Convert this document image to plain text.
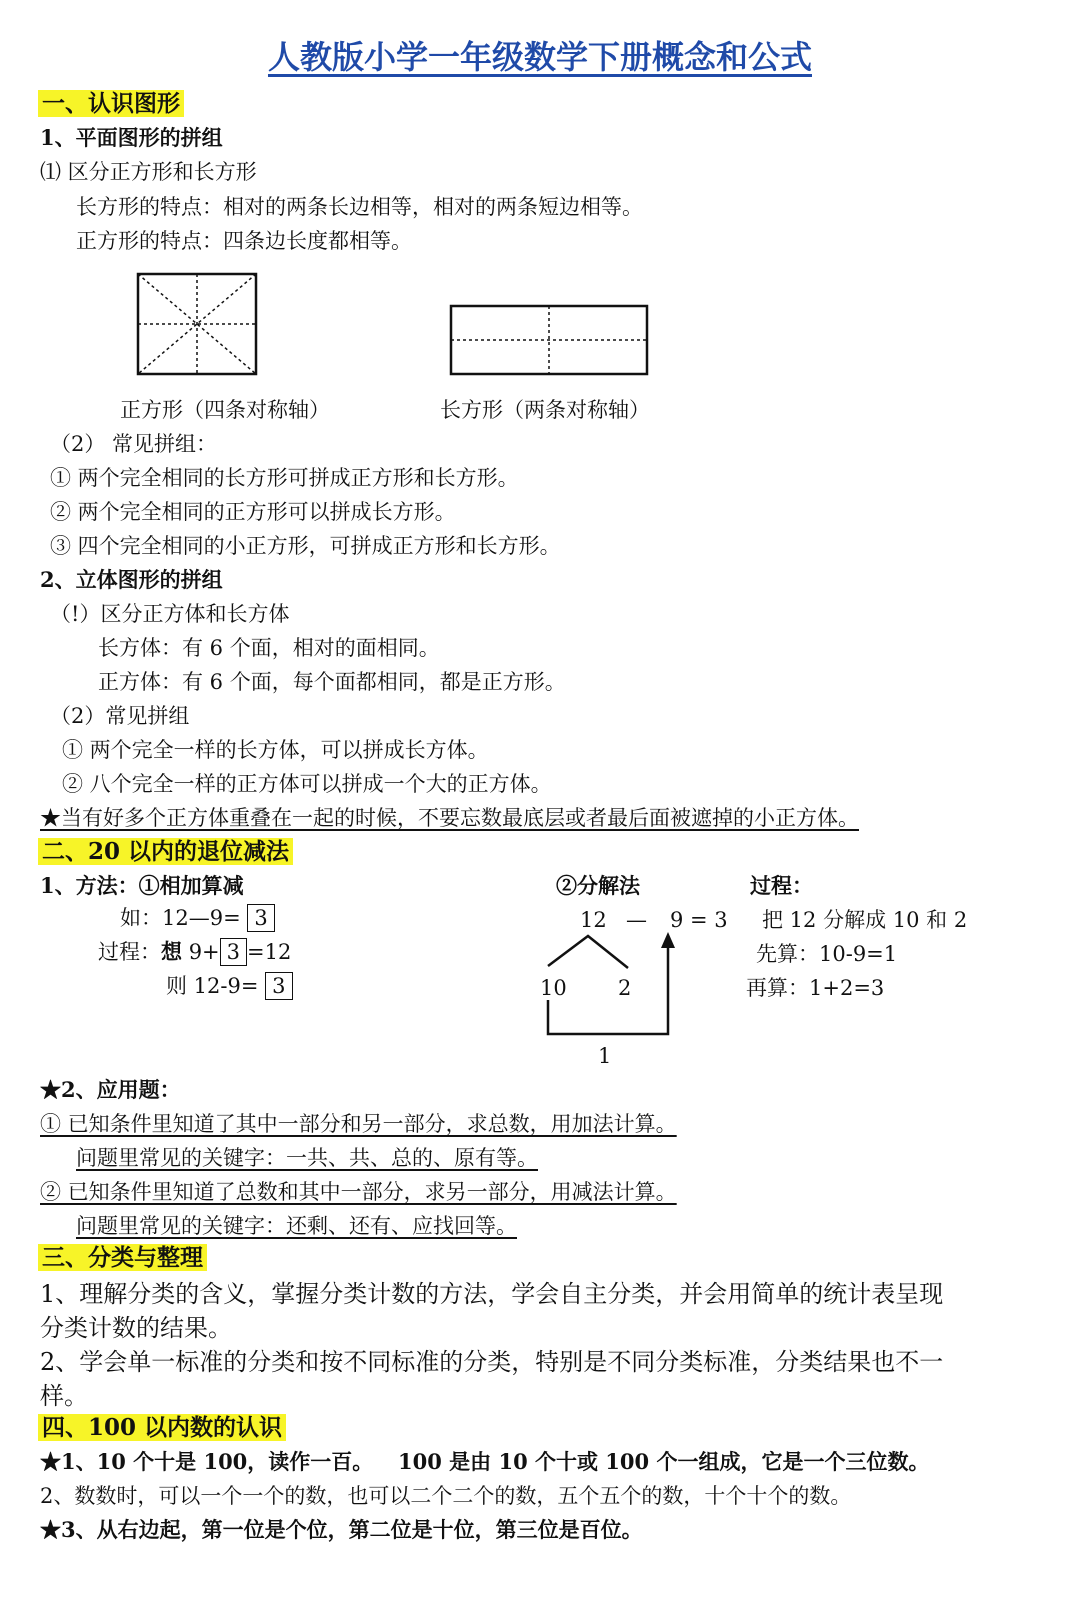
人教版小学一年级数学下册概念和公式
一、认识图形
1、平面图形的拼组
⑴ 区分正方形和长方形
长方形的特点：相对的两条长边相等，相对的两条短边相等。
正方形的特点：四条边长度都相等。
正方形（四条对称轴）	长方形（两条对称轴）
（2） 常见拼组：
① 两个完全相同的长方形可拼成正方形和长方形。
② 两个完全相同的正方形可以拼成长方形。
③ 四个完全相同的小正方形，可拼成正方形和长方形。
2、立体图形的拼组
（!）区分正方体和长方体
长方体：有 6 个面，相对的面相同。
正方体：有 6 个面，每个面都相同，都是正方形。
（2）常见拼组
① 两个完全一样的长方体，可以拼成长方体。
② 八个完全一样的正方体可以拼成一个大的正方体。
★当有好多个正方体重叠在一起的时候，不要忘数最底层或者最后面被遮掉的小正方体。
二、20 以内的退位减法
1、方法：①相加算减
如：12—9= 3
过程：想 9+ 3 =12
则 12-9= 3
②分解法
12 — 9 = 3
10 2
1
过程：
把 12 分解成 10 和 2
先算：10-9=1
再算：1+2=3
★2、应用题：
① 已知条件里知道了其中一部分和另一部分，求总数，用加法计算。
问题里常见的关键字：一共、共、总的、原有等。
② 已知条件里知道了总数和其中一部分，求另一部分，用减法计算。
问题里常见的关键字：还剩、还有、应找回等。
三、分类与整理
1、理解分类的含义，掌握分类计数的方法，学会自主分类，并会用简单的统计表呈现
分类计数的结果。
2、学会单一标准的分类和按不同标准的分类，特别是不同分类标准，分类结果也不一
样。
四、100 以内数的认识
★1、10 个十是 100，读作一百。 100 是由 10 个十或 100 个一组成，它是一个三位数。
2、数数时，可以一个一个的数，也可以二个二个的数，五个五个的数，十个十个的数。
★3、从右边起，第一位是个位，第二位是十位，第三位是百位。
